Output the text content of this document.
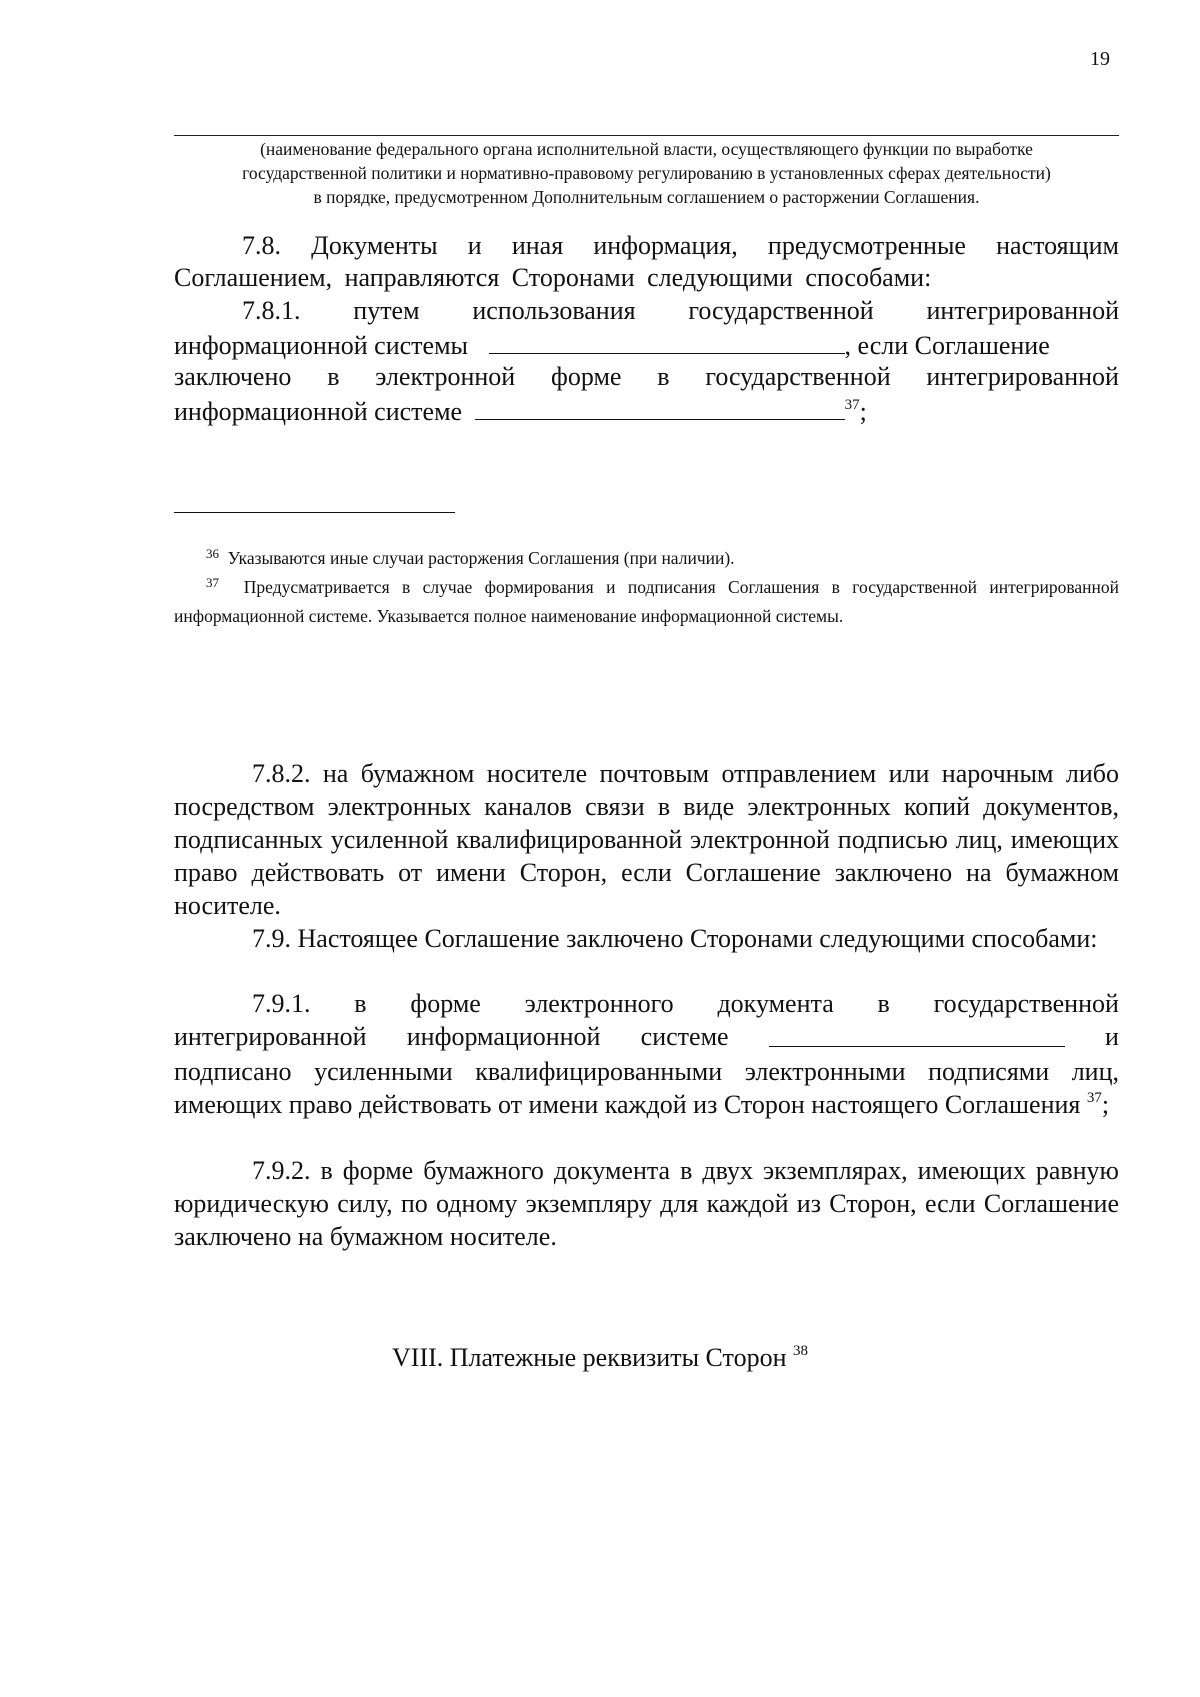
19
(наименование федерального органа исполнительной власти, осуществляющего функции по выработке
государственной политики и нормативно-правовому регулированию в установленных сферах деятельности)
в порядке, предусмотренном Дополнительным соглашением о расторжении Соглашения.
7.8. Документы и иная информация, предусмотренные настоящим
Соглашением, направляются Сторонами следующими способами:
7.8.1. путем использования государственной интегрированной
информационной системы	, если Соглашение
заключено в электронной форме в государственной интегрированной
информационной системе	$^{37}$;
$^{36}$ Указываются иные случаи расторжения Соглашения (при наличии).
$^{37}$ Предусматривается в случае формирования и подписания Соглашения в государственной интегрированной информационной системе. Указывается полное наименование информационной системы.
7.8.2. на бумажном носителе почтовым отправлением или нарочным либо посредством электронных каналов связи в виде электронных копий документов, подписанных усиленной квалифицированной электронной подписью лиц, имеющих право действовать от имени Сторон, если Соглашение заключено на бумажном носителе.
7.9. Настоящее Соглашение заключено Сторонами следующими способами:
7.9.1. в форме электронного документа в государственной
интегрированной информационной системе	и
подписано усиленными квалифицированными электронными подписями лиц, имеющих право действовать от имени каждой из Сторон настоящего Соглашения $^{37}$;
7.9.2. в форме бумажного документа в двух экземплярах, имеющих равную юридическую силу, по одному экземпляру для каждой из Сторон, если Соглашение заключено на бумажном носителе.
VIII. Платежные реквизиты Сторон $^{38}$
